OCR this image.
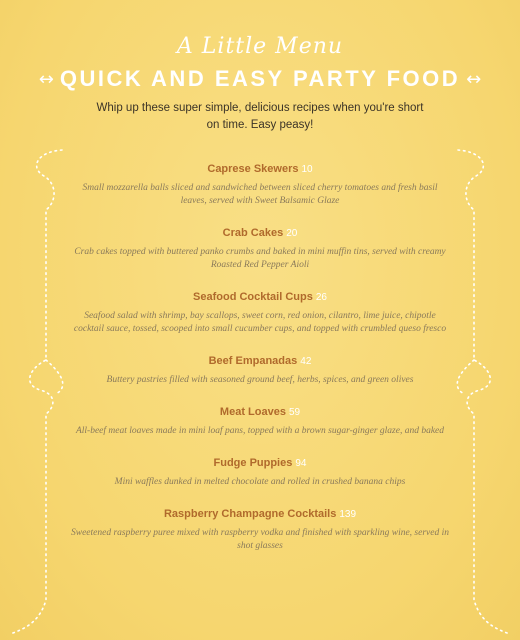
A Little Menu
↔ QUICK AND EASY PARTY FOOD ↔
Whip up these super simple, delicious recipes when you're short on time. Easy peasy!
Caprese Skewers 10
Small mozzarella balls sliced and sandwiched between sliced cherry tomatoes and fresh basil leaves, served with Sweet Balsamic Glaze
Crab Cakes 20
Crab cakes topped with buttered panko crumbs and baked in mini muffin tins, served with creamy Roasted Red Pepper Aioli
Seafood Cocktail Cups 26
Seafood salad with shrimp, bay scallops, sweet corn, red onion, cilantro, lime juice, chipotle cocktail sauce, tossed, scooped into small cucumber cups, and topped with crumbled queso fresco
Beef Empanadas 42
Buttery pastries filled with seasoned ground beef, herbs, spices, and green olives
Meat Loaves 59
All-beef meat loaves made in mini loaf pans, topped with a brown sugar-ginger glaze, and baked
Fudge Puppies 94
Mini waffles dunked in melted chocolate and rolled in crushed banana chips
Raspberry Champagne Cocktails 139
Sweetened raspberry puree mixed with raspberry vodka and finished with sparkling wine, served in shot glasses
